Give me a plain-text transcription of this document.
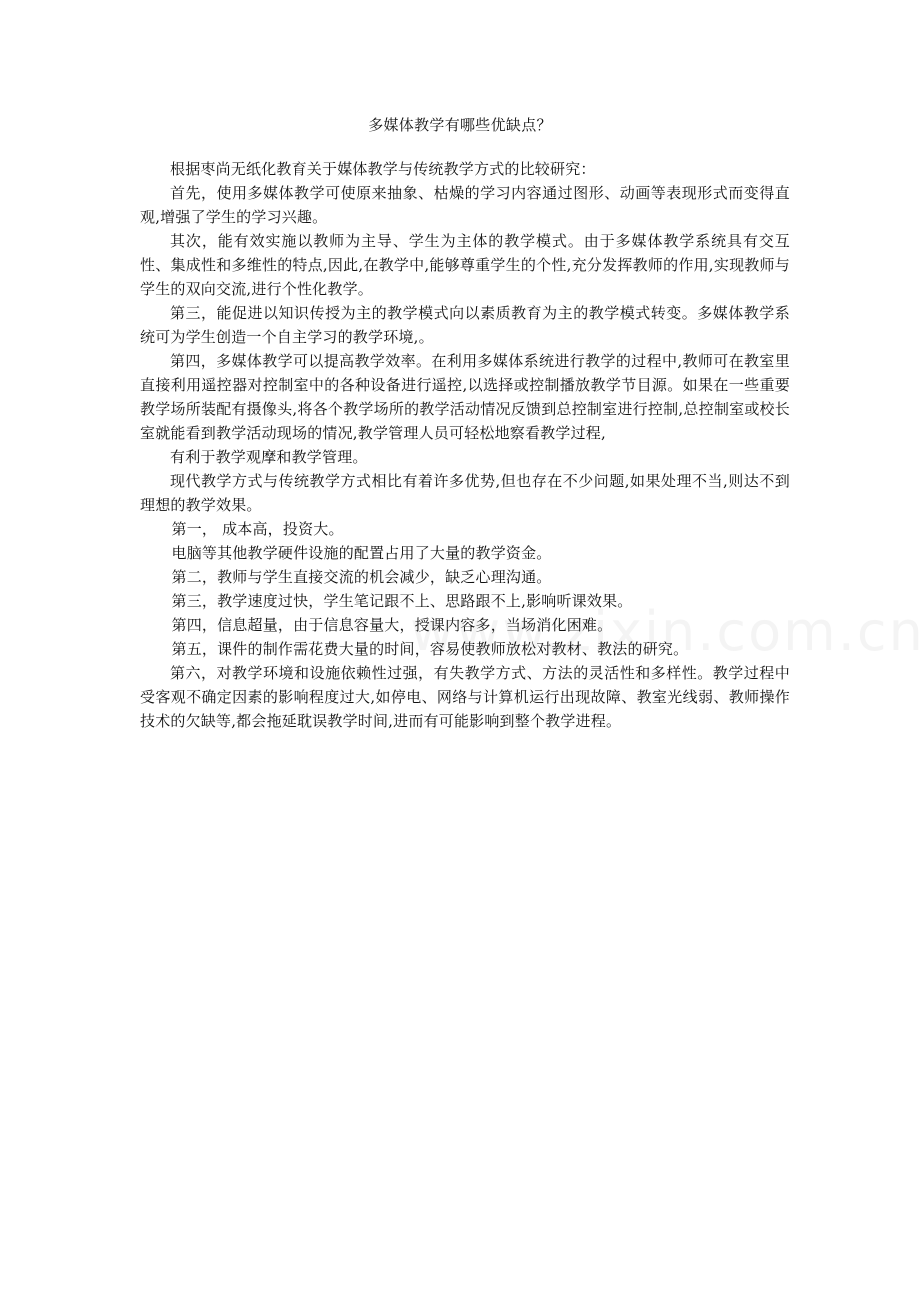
多媒体教学有哪些优缺点？

根据枣尚无纸化教育关于媒体教学与传统教学方式的比较研究：

首先，使用多媒体教学可使原来抽象、枯燥的学习内容通过图形、动画等表现形式而变得直观,增强了学生的学习兴趣。

其次，能有效实施以教师为主导、学生为主体的教学模式。由于多媒体教学系统具有交互性、集成性和多维性的特点,因此,在教学中,能够尊重学生的个性,充分发挥教师的作用,实现教师与学生的双向交流,进行个性化教学。

第三，能促进以知识传授为主的教学模式向以素质教育为主的教学模式转变。多媒体教学系统可为学生创造一个自主学习的教学环境,。

第四，多媒体教学可以提高教学效率。在利用多媒体系统进行教学的过程中,教师可在教室里直接利用遥控器对控制室中的各种设备进行遥控,以选择或控制播放教学节目源。如果在一些重要教学场所装配有摄像头,将各个教学场所的教学活动情况反馈到总控制室进行控制,总控制室或校长室就能看到教学活动现场的情况,教学管理人员可轻松地察看教学过程,

有利于教学观摩和教学管理。

现代教学方式与传统教学方式相比有着许多优势,但也存在不少问题,如果处理不当,则达不到理想的教学效果。

第一， 成本高，投资大。

电脑等其他教学硬件设施的配置占用了大量的教学资金。

第二，教师与学生直接交流的机会减少，缺乏心理沟通。

第三，教学速度过快，学生笔记跟不上、思路跟不上,影响听课效果。

第四，信息超量，由于信息容量大，授课内容多，当场消化困难。

第五，课件的制作需花费大量的时间，容易使教师放松对教材、教法的研究。

第六，对教学环境和设施依赖性过强，有失教学方式、方法的灵活性和多样性。教学过程中受客观不确定因素的影响程度过大,如停电、网络与计算机运行出现故障、教室光线弱、教师操作技术的欠缺等,都会拖延耽误教学时间,进而有可能影响到整个教学进程。
